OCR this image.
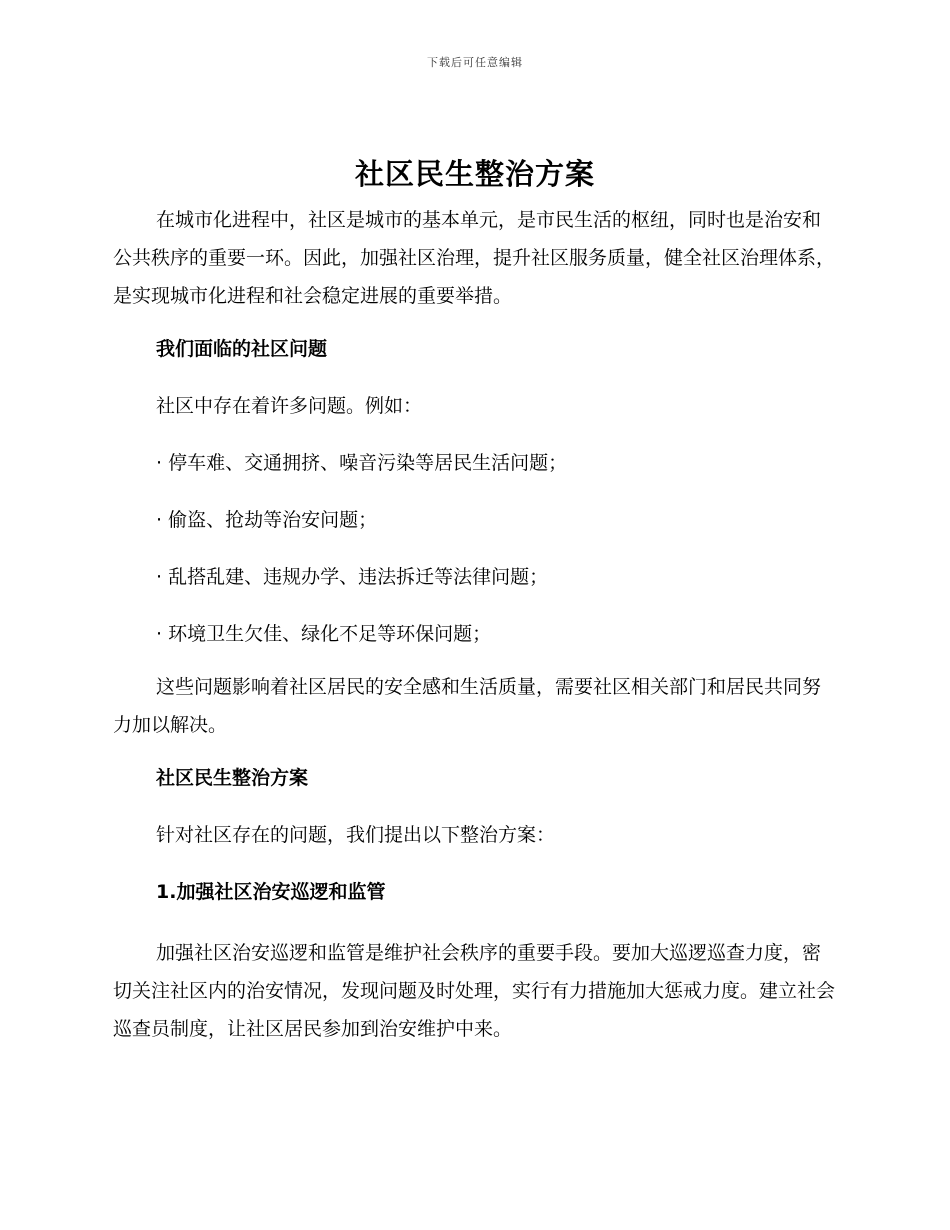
下载后可任意编辑
社区民生整治方案

在城市化进程中，社区是城市的基本单元，是市民生活的枢纽，同时也是治安和公共秩序的重要一环。因此，加强社区治理，提升社区服务质量，健全社区治理体系，是实现城市化进程和社会稳定进展的重要举措。

我们面临的社区问题

社区中存在着许多问题。例如：

· 停车难、交通拥挤、噪音污染等居民生活问题；

· 偷盗、抢劫等治安问题；

· 乱搭乱建、违规办学、违法拆迁等法律问题；

· 环境卫生欠佳、绿化不足等环保问题；

这些问题影响着社区居民的安全感和生活质量，需要社区相关部门和居民共同努力加以解决。

社区民生整治方案

针对社区存在的问题，我们提出以下整治方案：

1.加强社区治安巡逻和监管

加强社区治安巡逻和监管是维护社会秩序的重要手段。要加大巡逻巡查力度，密切关注社区内的治安情况，发现问题及时处理，实行有力措施加大惩戒力度。建立社会巡查员制度，让社区居民参加到治安维护中来。
